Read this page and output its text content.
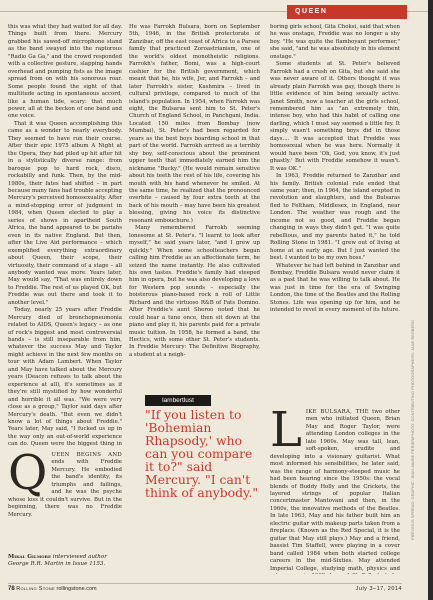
QUEEN

this was what they had waited for all day. Things built from there. Mercury grabbed his sawed-off microphone stand as the band swayed into the raptorous "Radio Ga Ga," and the crowd responded with a collective gesture, slapping hands overhead and pumping fists as the image spread from on with his sonorous roar. Some people found the sight of that multitude acting in spontaneous accord, like a human tide, scary: that much power, all at the beckon of one band and one voice.

That it was Queen accomplishing this came as a wonder to nearly everybody. They seemed to have run their course. After their epic 1975 album A Night at the Opera, they had piled up hit after hit in a stylistically diverse range: from baroque pop to hard rock, disco, rockabilly and funk. Then, by the mid-1980s, their fates had shifted – in part because many fans had trouble accepting Mercury's perceived homosexuality. After a mind-stopping error of judgment in 1984, when Queen elected to play a series of shows in apartheid South Africa, the band appeared to be pariahs even in its native England. But then, after the Live Aid performance – which exemplified everything extraordinary about Queen, their scope, their virtuosity, their command of a stage – all anybody wanted was more. Years later, May would say, "That was entirely down to Freddie. The rest of us played OK, but Freddie was out there and took it to another level."

Today, nearly 25 years after Freddie Mercury died of bronchopneumonia related to AIDS, Queen's legacy – as one of rock's biggest and most controversial bands – is still inseparable from him, whatever the success May and Taylor might achieve in the next few months on tour with Adam Lambert. When Taylor and May have talked about the Mercury years (Deacon refuses to talk about the experience at all), it's sometimes as if they're still mystified by how wonderful and horrible it all was. "We were very close as a group," Taylor said days after Mercury's death. "But even we didn't know a lot of things about Freddie." Years later, May said, "I fucked us up in the way only an out-of-world experience can do. Queen were the biggest thing in

QUEEN BEGINS AND ends with Freddie Mercury. He embodied the band's identity, its triumphs and failings, and he was the psyche whose loss it couldn't survive. But in the beginning, there was no Freddie Mercury.

Mikal Gilmore interviewed author George R.R. Martin in Issue 1153.

He was Farrokh Bulsara, born on September 5th, 1946, in the British protectorate of Zanzibar, off the east coast of Africa to a Parsee family that practiced Zoroastrianism, one of the world's oldest monotheistic religions. Farrokh's father, Bomi, was a high-court cashier for the British government, which meant that he, his wife, Jer, and Farrokh – and later Farrokh's sister, Kashmira – lived in cultural privilege, compared to much of the island's population. In 1954, when Farrokh was eight, the Bulsaras sent him to St. Peter's Church of England School, in Panchgani, India. Located 150 miles from Bombay (now Mumbai), St. Peter's had been regarded for years as the best boys boarding school in that part of the world. Farrokh arrived as a terribly shy boy, self-conscious about the prominent upper teeth that immediately earned him the nickname "Bucky." (He would remain sensitive about his teeth the rest of his life, covering his mouth with his hand whenever he smiled. At the same time, he realized that the pronounced overbite – caused by four extra teeth at the back of his mouth – may have been his greatest blessing, giving his voice its distinctive resonant embouchure.)

Many remembered Farrokh seeming lonesome at St. Peter's. "I learnt to look after myself," he said years later, "and I grew up quickly." When some schoolteachers began calling him Freddie as an affectionate term, he seized the name instantly. He also cultivated his own tastes. Freddie's family had steeped him in opera, but he was also developing a love for Western pop sounds – especially the boisterous piano-based rock n roll of Little Richard and the virtuoso R&B of Fats Domino. After Freddie's aunt Sheroo noted that he could hear a tune once, then sit down at the piano and play it, his parents paid for a private music tuition. In 1958, he formed a band, the Hectics, with some other St. Peter's students. In Freddie Mercury: The Definitive Biography, a student at a neigh-

lambertlust

"If you listen to 'Bohemian Rhapsody,' who can you compare it to?" said Mercury. "I can't think of anybody."

boring girls school, Gita Choksi, said that when he was onstage, Freddie was no longer a shy boy. "He was quite the flamboyant performer," she said, "and he was absolutely in his element onstage."

Some students at St. Peter's believed Farrokh had a crush on Gita, but she said she was never aware of it. Others thought it was already plain Farrokh was gay, though there is little evidence of him being sexually active. Janet Smith, now a teacher at the girls school, remembered him as "an extremely thin, intense boy, who had this habit of calling one darling, which I must say seemed a little fey. It simply wasn't something boys did in those days.... It was accepted that Freddie was homosexual when he was here. Normally it would have been 'Oh, God, you know, it's just ghastly.' But with Freddie somehow it wasn't. It was OK."

In 1963, Freddie returned to Zanzibar and his family. British colonial rule ended that same year; then, in 1964, the island erupted in revolution and slaughters, and the Bulsaras fled to Feltham, Middlesex, in England, near London. The weather was rough and the income not so good, and Freddie began changing in ways they didn't get. "I was quite rebellious, and my parents hated it," he told Rolling Stone in 1981. "I grew out of living at home at an early age. But I just wanted the best. I wanted to be my own boss."

Whatever he had left behind in Zanzibar and Bombay, Freddie Bulsara would never claim it as a past that he was willing to talk about. He was just in time for the era of Swinging London, the time of the Beatles and the Rolling Stones. Life was opening up for him, and he intended to revel in every moment of its future.

LIKE BULSARA, THE two other men who initiated Queen, Brian May and Roger Taylor, were attending London colleges in the late 1960s. May was tall, lean, soft-spoken, erudite and developing into a visionary guitarist. What most informed his sensibilities, he later said, was the range of harmony-steeped music he had been hearing since the 1950s: the vocal blends of Buddy Holly and the Crickets, the layered strings of popular Italian concertmaster Mantovani and then, in the 1960s, the innovative methods of the Beatles. In late 1963, May and his father built him an electric guitar with makeup parts taken from a fireplace. (Known as the Red Special, it is the guitar that May still plays.) May and a friend, bassist Tim Staffell, were playing in a cover band called 1984 when both started college careers in the mid-Sixties. May attended Imperial College, studying math, physics and

PREVIOUS SPREAD: GRAPHIC: JEAN-MARIE PÉRIER/PHOTO. CONTRIBUTING PHOTOGRAPHERS: JANE REDBERG
78 Rolling Stone rollingstone.com	July 3–17, 2014
